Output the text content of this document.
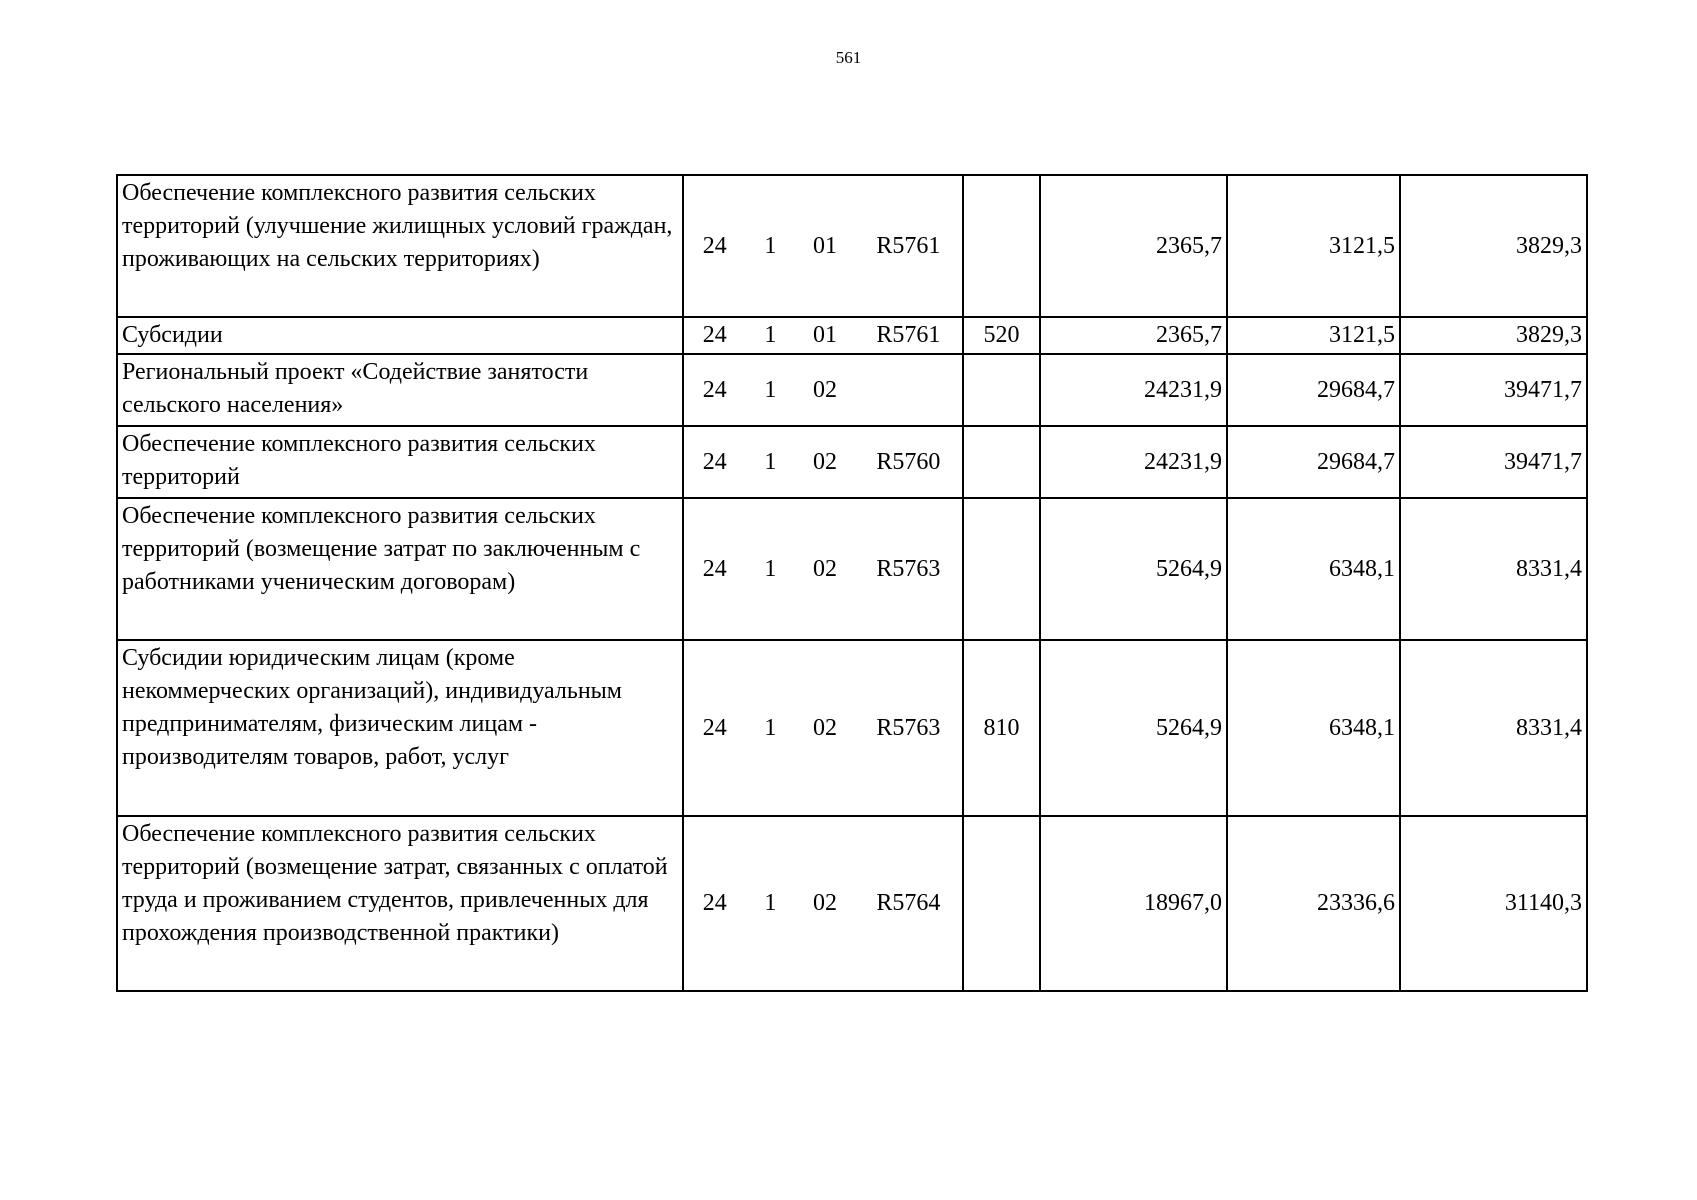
561
Обеспечение комплексного развития сельских территорий (улучшение жилищных условий граждан, проживающих на сельских территориях)	24 1 01 R5761		2365,7	3121,5	3829,3
Субсидии	24 1 01 R5761	520	2365,7	3121,5	3829,3
Региональный проект «Содействие занятости сельского населения»	24 1 02		24231,9	29684,7	39471,7
Обеспечение комплексного развития сельских территорий	24 1 02 R5760		24231,9	29684,7	39471,7
Обеспечение комплексного развития сельских территорий (возмещение затрат по заключенным с работниками ученическим договорам)	24 1 02 R5763		5264,9	6348,1	8331,4
Субсидии юридическим лицам (кроме некоммерческих организаций), индивидуальным предпринимателям, физическим лицам - производителям товаров, работ, услуг	24 1 02 R5763	810	5264,9	6348,1	8331,4
Обеспечение комплексного развития сельских территорий (возмещение затрат, связанных с оплатой труда и проживанием студентов, привлеченных для прохождения производственной практики)	24 1 02 R5764		18967,0	23336,6	31140,3
